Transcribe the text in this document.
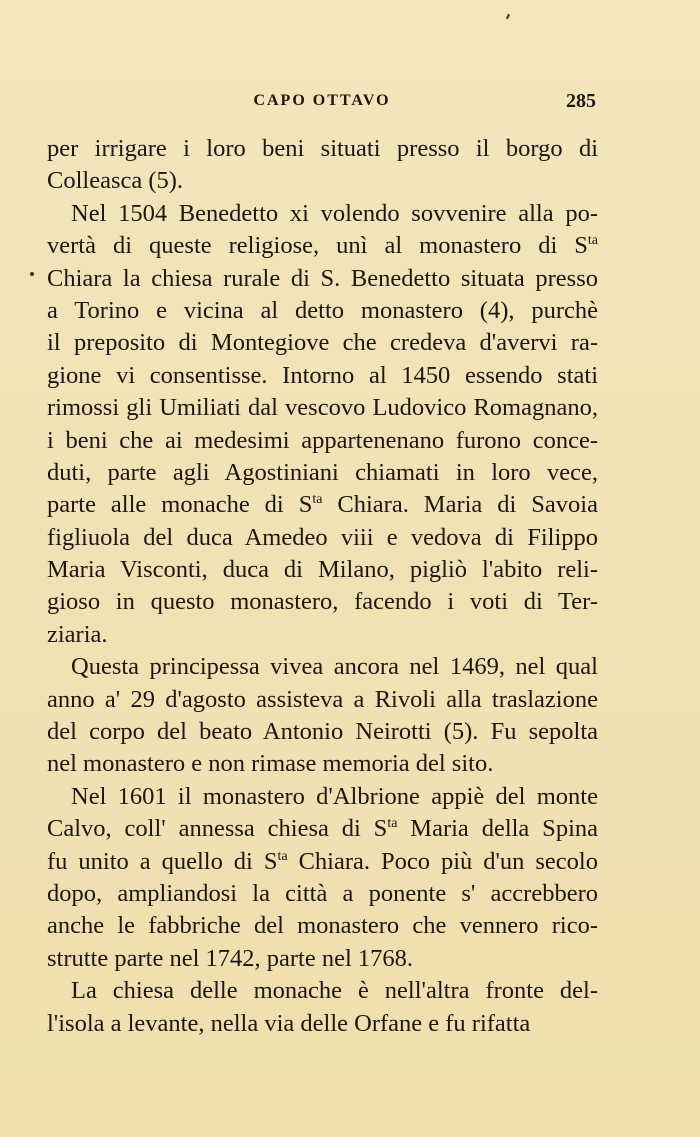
CAPO OTTAVO	285
per irrigare i loro beni situati presso il borgo di
Colleasca (5).
Nel 1504 Benedetto xi volendo sovvenire alla po-
vertà di queste religiose, unì al monastero di $S^{ta}$
Chiara la chiesa rurale di S. Benedetto situata presso
a Torino e vicina al detto monastero (4), purchè
il preposito di Montegiove che credeva d'avervi ra-
gione vi consentisse. Intorno al 1450 essendo stati
rimossi gli Umiliati dal vescovo Ludovico Romagnano,
i beni che ai medesimi appartenenano furono conce-
duti, parte agli Agostiniani chiamati in loro vece,
parte alle monache di $S^{ta}$ Chiara. Maria di Savoia
figliuola del duca Amedeo viii e vedova di Filippo
Maria Visconti, duca di Milano, pigliò l'abito reli-
gioso in questo monastero, facendo i voti di Ter-
ziaria.
Questa principessa vivea ancora nel 1469, nel qual
anno a' 29 d'agosto assisteva a Rivoli alla traslazione
del corpo del beato Antonio Neirotti (5). Fu sepolta
nel monastero e non rimase memoria del sito.
Nel 1601 il monastero d'Albrione appiè del monte
Calvo, coll' annessa chiesa di $S^{ta}$ Maria della Spina
fu unito a quello di $S^{ta}$ Chiara. Poco più d'un secolo
dopo, ampliandosi la città a ponente s' accrebbero
anche le fabbriche del monastero che vennero rico-
strutte parte nel 1742, parte nel 1768.
La chiesa delle monache è nell'altra fronte del-
l'isola a levante, nella via delle Orfane e fu rifatta
